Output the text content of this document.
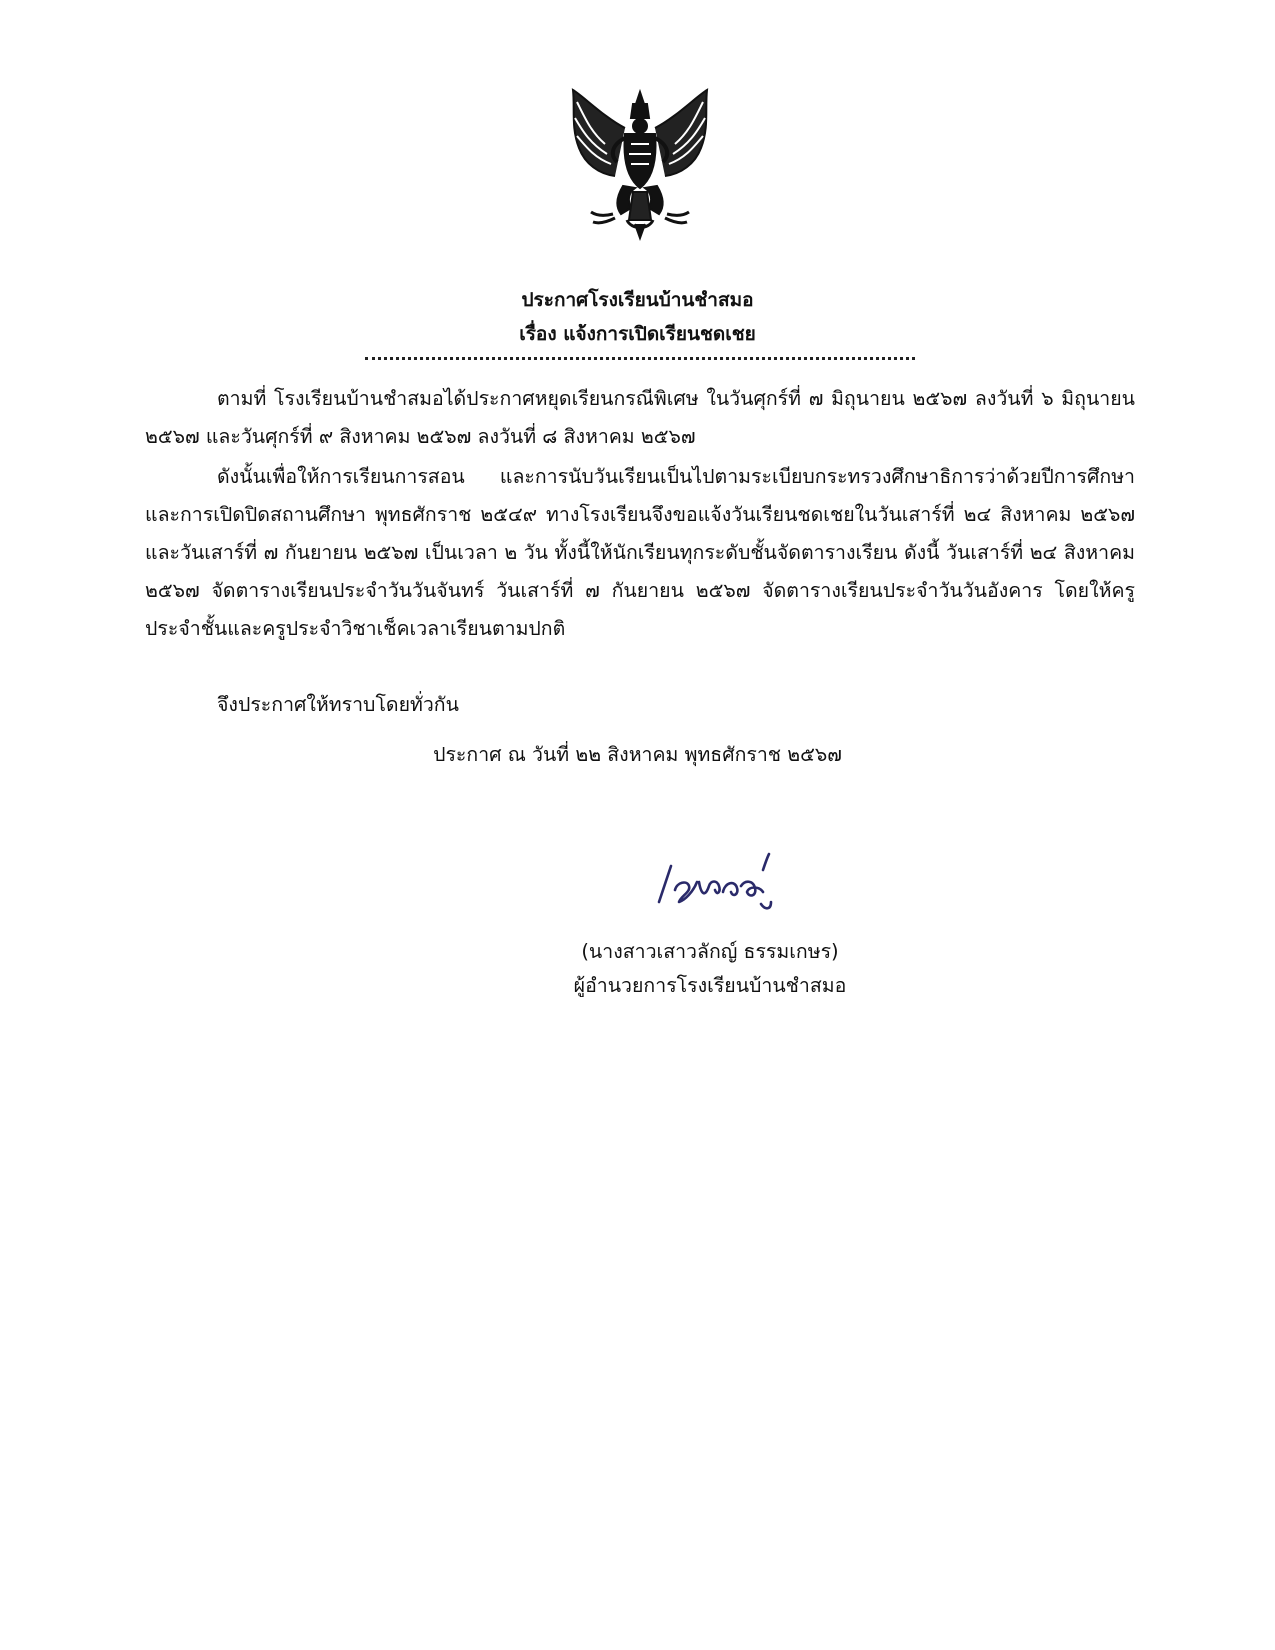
ประกาศโรงเรียนบ้านชำสมอ
เรื่อง แจ้งการเปิดเรียนชดเชย
ตามที่ โรงเรียนบ้านชำสมอได้ประกาศหยุดเรียนกรณีพิเศษ ในวันศุกร์ที่ ๗ มิถุนายน ๒๕๖๗ ลงวันที่ ๖ มิถุนายน ๒๕๖๗ และวันศุกร์ที่ ๙ สิงหาคม ๒๕๖๗ ลงวันที่ ๘ สิงหาคม ๒๕๖๗
ดังนั้นเพื่อให้การเรียนการสอน และการนับวันเรียนเป็นไปตามระเบียบกระทรวงศึกษาธิการว่าด้วยปีการศึกษา และการเปิดปิดสถานศึกษา พุทธศักราช ๒๕๔๙ ทางโรงเรียนจึงขอแจ้งวันเรียนชดเชยในวันเสาร์ที่ ๒๔ สิงหาคม ๒๕๖๗ และวันเสาร์ที่ ๗ กันยายน ๒๕๖๗ เป็นเวลา ๒ วัน ทั้งนี้ให้นักเรียนทุกระดับชั้นจัดตารางเรียน ดังนี้ วันเสาร์ที่ ๒๔ สิงหาคม ๒๕๖๗ จัดตารางเรียนประจำวันวันจันทร์ วันเสาร์ที่ ๗ กันยายน ๒๕๖๗ จัดตารางเรียนประจำวันวันอังคาร โดยให้ครูประจำชั้นและครูประจำวิชาเช็คเวลาเรียนตามปกติ
จึงประกาศให้ทราบโดยทั่วกัน
ประกาศ ณ วันที่ ๒๒ สิงหาคม พุทธศักราช ๒๕๖๗
(นางสาวเสาวลักญ์ ธรรมเกษร)
ผู้อำนวยการโรงเรียนบ้านชำสมอ
